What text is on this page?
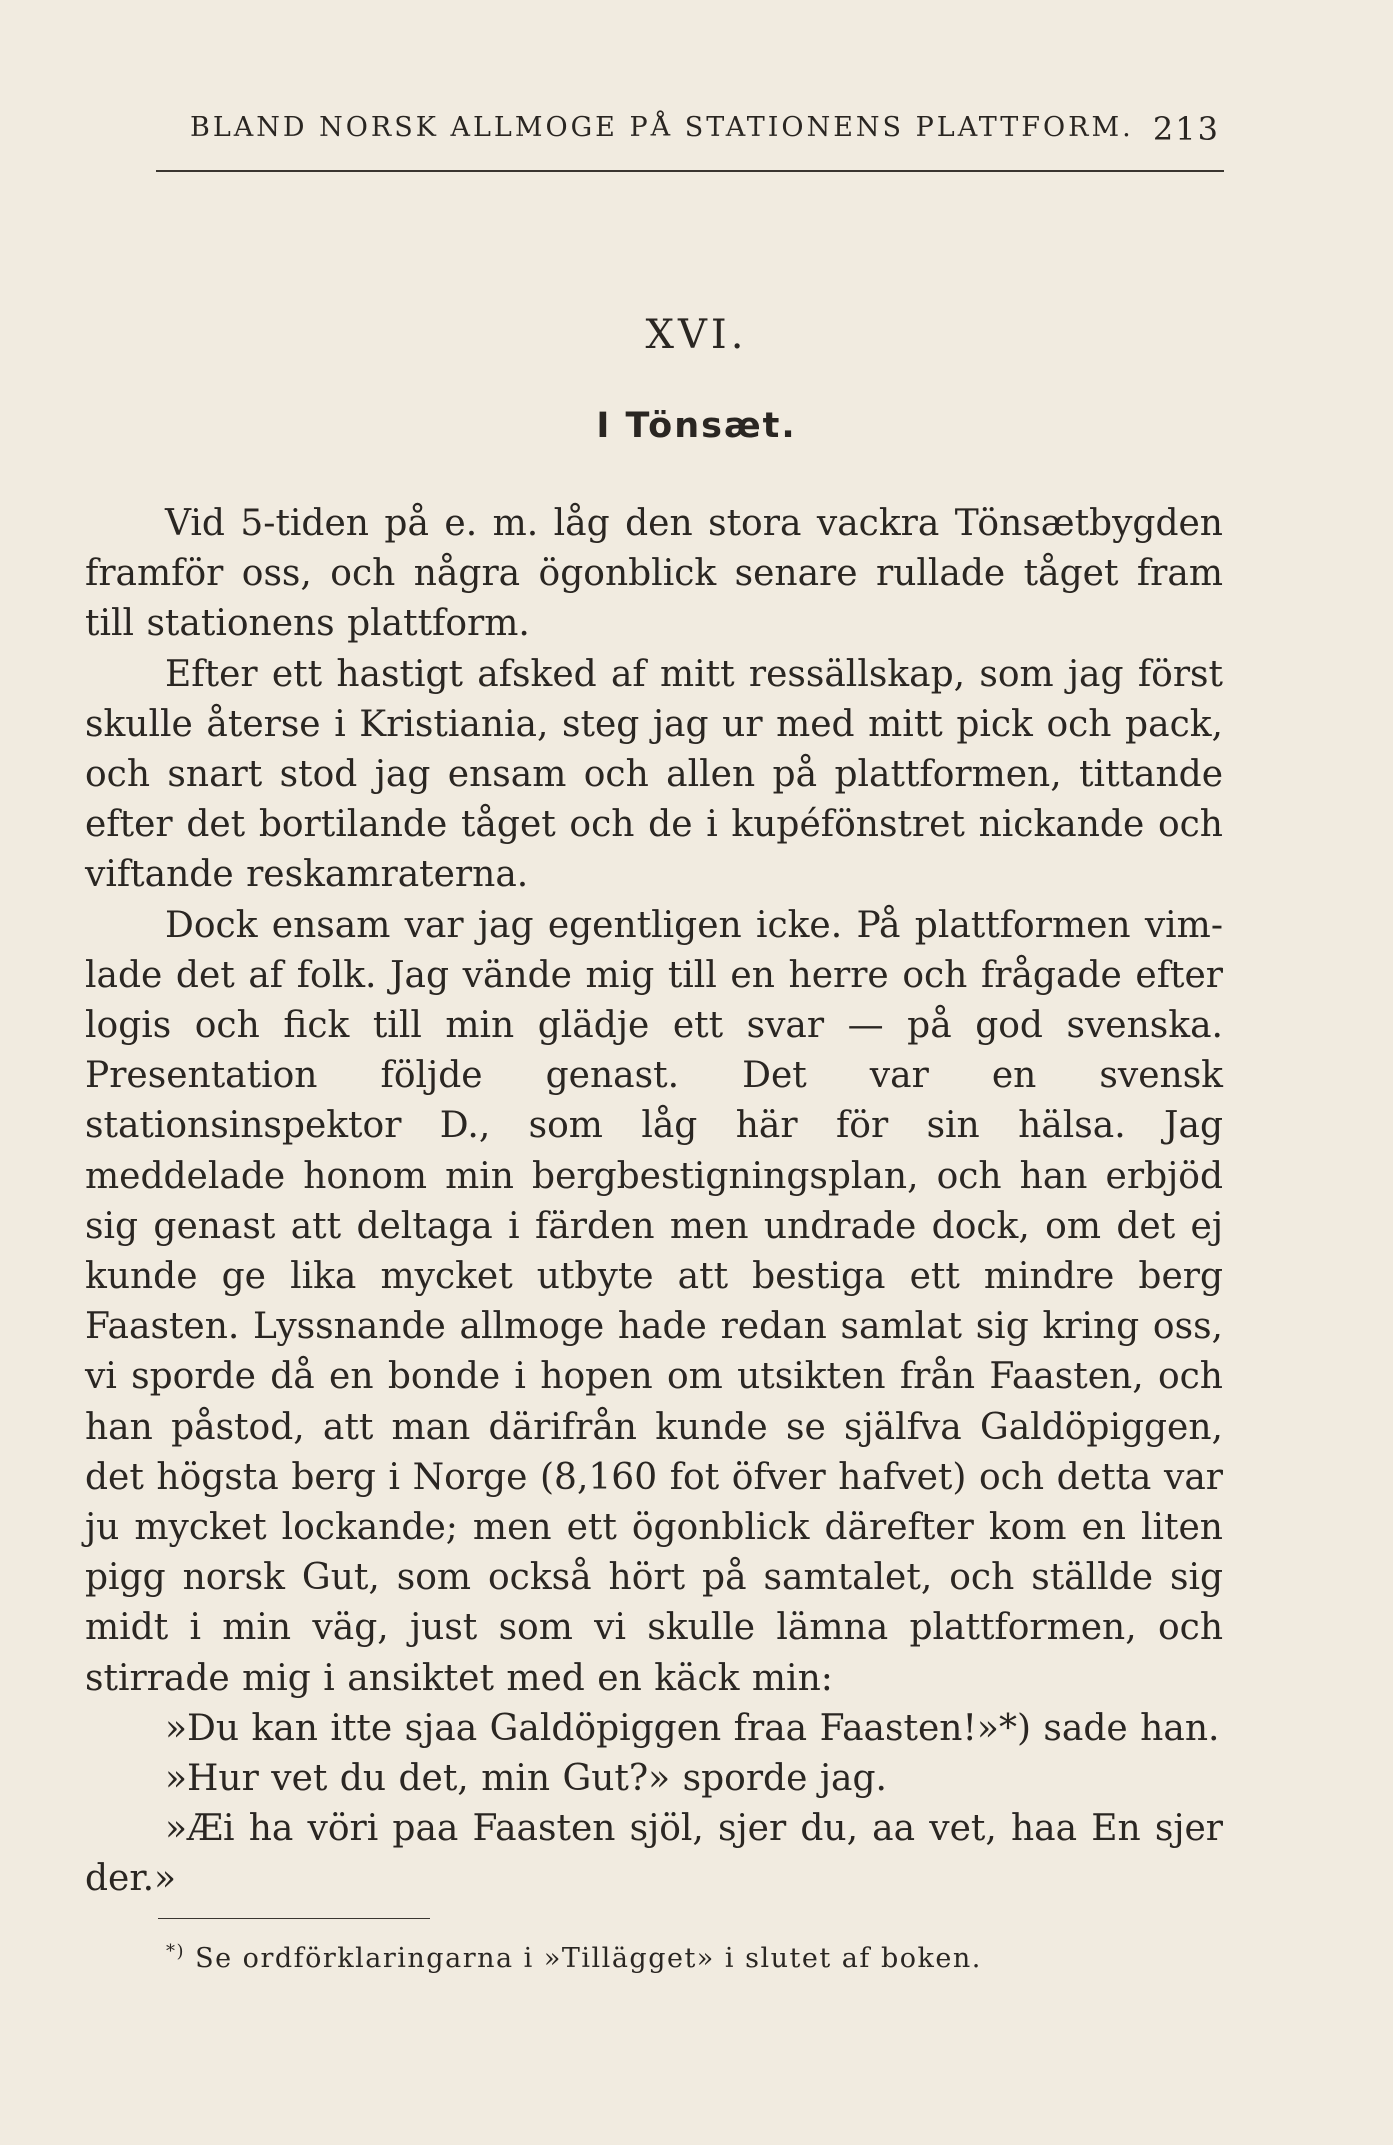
BLAND NORSK ALLMOGE PÅ STATIONENS PLATTFORM. 213
XVI.
I Tönsæt.

Vid 5-tiden på e. m. låg den stora vackra Tönsætbygden framför oss, och några ögonblick senare rullade tåget fram till stationens plattform.

Efter ett hastigt afsked af mitt ressällskap, som jag först skulle återse i Kristiania, steg jag ur med mitt pick och pack, och snart stod jag ensam och allen på plattformen, tittande efter det bortilande tåget och de i kupéfönstret nickande och viftande reskamraterna.

Dock ensam var jag egentligen icke. På plattformen vimlade det af folk. Jag vände mig till en herre och frågade efter logis och fick till min glädje ett svar — på god svenska. Presentation följde genast. Det var en svensk stationsinspektor D., som låg här för sin hälsa. Jag meddelade honom min bergbestigningsplan, och han erbjöd sig genast att deltaga i färden men undrade dock, om det ej kunde ge lika mycket utbyte att bestiga ett mindre berg Faasten. Lyssnande allmoge hade redan samlat sig kring oss, vi sporde då en bonde i hopen om utsikten från Faasten, och han påstod, att man därifrån kunde se själfva Galdöpiggen, det högsta berg i Norge (8,160 fot öfver hafvet) och detta var ju mycket lockande; men ett ögonblick därefter kom en liten pigg norsk Gut, som också hört på samtalet, och ställde sig midt i min väg, just som vi skulle lämna plattformen, och stirrade mig i ansiktet med en käck min:

»Du kan itte sjaa Galdöpiggen fraa Faasten!»*) sade han.

»Hur vet du det, min Gut?» sporde jag.

»Æi ha vöri paa Faasten sjöl, sjer du, aa vet, haa En sjer der.»

*) Se ordförklaringarna i »Tillägget» i slutet af boken.
